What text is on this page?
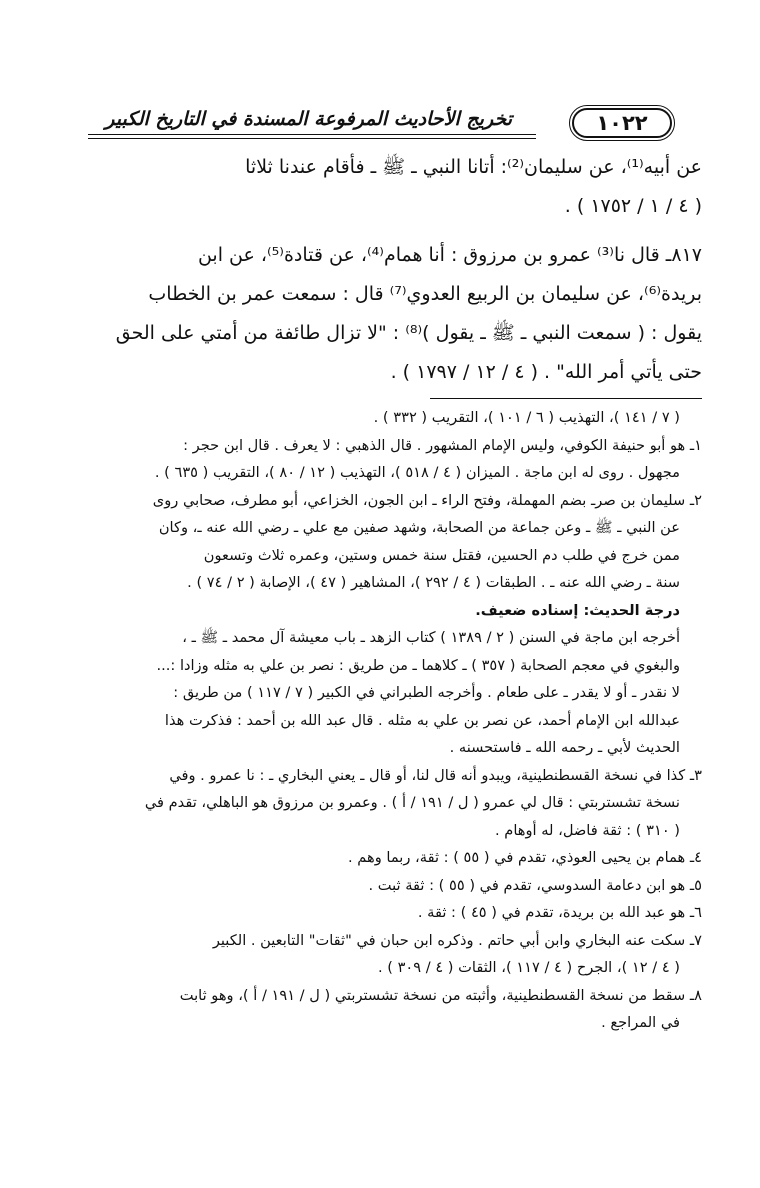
تخريج الأحاديث المرفوعة المسندة في التاريخ الكبير	١٠٢٢

عن أبيه⁽¹⁾، عن سليمان⁽²⁾: أتانا النبي ـ ﷺ ـ فأقام عندنا ثلاثا

( ٤ / ١ / ١٧٥٢ ) .

٨١٧ـ قال نا⁽³⁾ عمرو بن مرزوق : أنا همام⁽⁴⁾، عن قتادة⁽⁵⁾، عن ابن

بريدة⁽⁶⁾، عن سليمان بن الربيع العدوي⁽⁷⁾ قال : سمعت عمر بن الخطاب

يقول : ( سمعت النبي ـ ﷺ ـ يقول )⁽⁸⁾ : "لا تزال طائفة من أمتي على الحق

حتى يأتي أمر الله" . ( ٤ / ١٢ / ١٧٩٧ ) .

( ٧ / ١٤١ )، التهذيب ( ٦ / ١٠١ )، التقريب ( ٣٣٢ ) .

١ـ هو أبو حنيفة الكوفي، وليس الإمام المشهور . قال الذهبي : لا يعرف . قال ابن حجر :

مجهول . روى له ابن ماجة . الميزان ( ٤ / ٥١٨ )، التهذيب ( ١٢ / ٨٠ )، التقريب ( ٦٣٥ ) .

٢ـ سليمان بن صرـ بضم المهملة، وفتح الراء ـ ابن الجون، الخزاعي، أبو مطرف، صحابي روى

عن النبي ـ ﷺ ـ وعن جماعة من الصحابة، وشهد صفين مع علي ـ رضي الله عنه ـ، وكان

ممن خرج في طلب دم الحسين، فقتل سنة خمس وستين، وعمره ثلاث وتسعون

سنة ـ رضي الله عنه ـ . الطبقات ( ٤ / ٢٩٢ )، المشاهير ( ٤٧ )، الإصابة ( ٢ / ٧٤ ) .

درجة الحديث: إسناده ضعيف.

أخرجه ابن ماجة في السنن ( ٢ / ١٣٨٩ ) كتاب الزهد ـ باب معيشة آل محمد ـ ﷺ ـ ،

والبغوي في معجم الصحابة ( ٣٥٧ ) ـ كلاهما ـ من طريق : نصر بن علي به مثله وزادا :...

لا نقدر ـ أو لا يقدر ـ على طعام . وأخرجه الطبراني في الكبير ( ٧ / ١١٧ ) من طريق :

عبدالله ابن الإمام أحمد، عن نصر بن علي به مثله . قال عبد الله بن أحمد : فذكرت هذا

الحديث لأبي ـ رحمه الله ـ فاستحسنه .

٣ـ كذا في نسخة القسطنطينية، ويبدو أنه قال لنا، أو قال ـ يعني البخاري ـ : نا عمرو . وفي

نسخة تشستربتي : قال لي عمرو ( ل / ١٩١ / أ ) . وعمرو بن مرزوق هو الباهلي، تقدم في

( ٣١٠ ) : ثقة فاضل، له أوهام .

٤ـ همام بن يحيى العوذي، تقدم في ( ٥٥ ) : ثقة، ربما وهم .

٥ـ هو ابن دعامة السدوسي، تقدم في ( ٥٥ ) : ثقة ثبت .

٦ـ هو عبد الله بن بريدة، تقدم في ( ٤٥ ) : ثقة .

٧ـ سكت عنه البخاري وابن أبي حاتم . وذكره ابن حبان في "ثقات" التابعين . الكبير

( ٤ / ١٢ )، الجرح ( ٤ / ١١٧ )، الثقات ( ٤ / ٣٠٩ ) .

٨ـ سقط من نسخة القسطنطينية، وأثبته من نسخة تشستربتي ( ل / ١٩١ / أ )، وهو ثابت

في المراجع .
